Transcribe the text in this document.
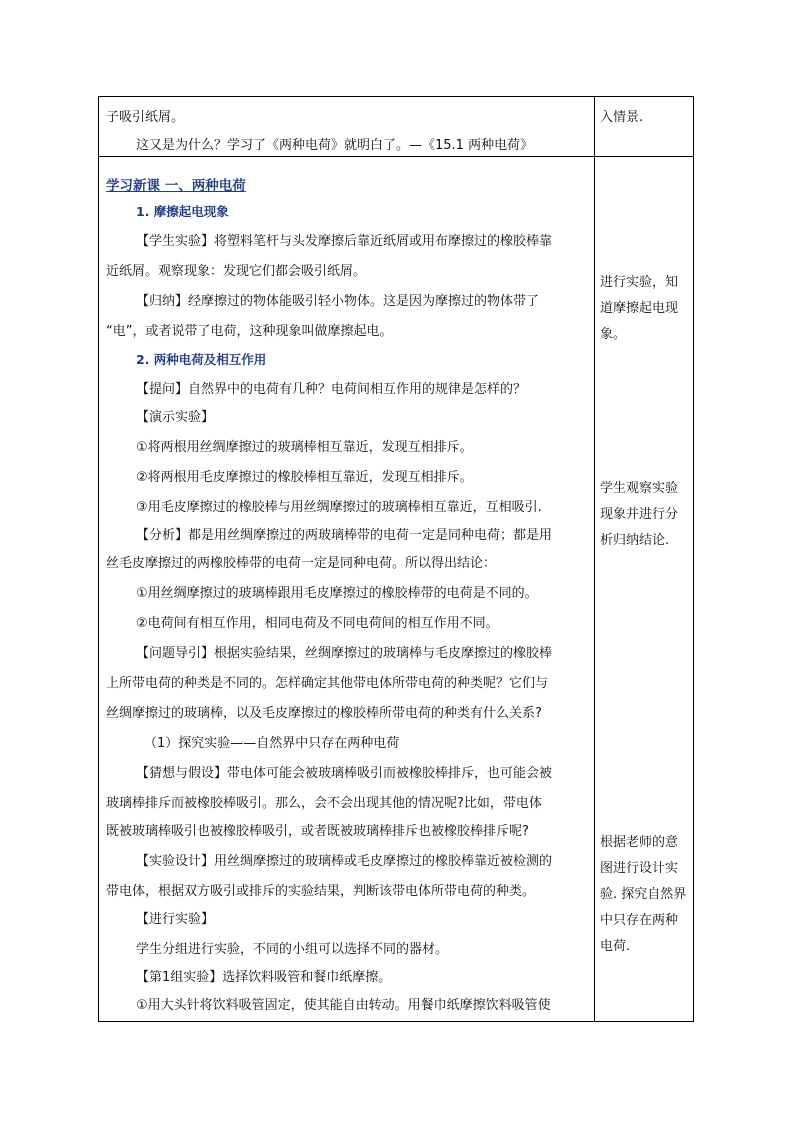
子吸引纸屑。
这又是为什么？学习了《两种电荷》就明白了。—《15.1 两种电荷》
入情景.
学习新课 一、两种电荷
1. 摩擦起电现象
【学生实验】将塑料笔杆与头发摩擦后靠近纸屑或用布摩擦过的橡胶棒靠
近纸屑。观察现象：发现它们都会吸引纸屑。
【归纳】经摩擦过的物体能吸引轻小物体。这是因为摩擦过的物体带了
“电”，或者说带了电荷，这种现象叫做摩擦起电。
2. 两种电荷及相互作用
【提问】自然界中的电荷有几种？电荷间相互作用的规律是怎样的？
【演示实验】
①将两根用丝绸摩擦过的玻璃棒相互靠近，发现互相排斥。
②将两根用毛皮摩擦过的橡胶棒相互靠近，发现互相排斥。
③用毛皮摩擦过的橡胶棒与用丝绸摩擦过的玻璃棒相互靠近，互相吸引.
【分析】都是用丝绸摩擦过的两玻璃棒带的电荷一定是同种电荷；都是用
丝毛皮摩擦过的两橡胶棒带的电荷一定是同种电荷。所以得出结论：
①用丝绸摩擦过的玻璃棒跟用毛皮摩擦过的橡胶棒带的电荷是不同的。
②电荷间有相互作用，相同电荷及不同电荷间的相互作用不同。
【问题导引】根据实验结果，丝绸摩擦过的玻璃棒与毛皮摩擦过的橡胶棒
上所带电荷的种类是不同的。怎样确定其他带电体所带电荷的种类呢？它们与
丝绸摩擦过的玻璃棒，以及毛皮摩擦过的橡胶棒所带电荷的种类有什么关系?
（1）探究实验——自然界中只存在两种电荷
【猜想与假设】带电体可能会被玻璃棒吸引而被橡胶棒排斥，也可能会被
玻璃棒排斥而被橡胶棒吸引。那么，会不会出现其他的情况呢?比如，带电体
既被玻璃棒吸引也被橡胶棒吸引，或者既被玻璃棒排斥也被橡胶棒排斥呢?
【实验设计】用丝绸摩擦过的玻璃棒或毛皮摩擦过的橡胶棒靠近被检测的
带电体，根据双方吸引或排斥的实验结果，判断该带电体所带电荷的种类。
【进行实验】
学生分组进行实验，不同的小组可以选择不同的器材。
【第1组实验】选择饮料吸管和餐巾纸摩擦。
①用大头针将饮料吸管固定，使其能自由转动。用餐巾纸摩擦饮料吸管使
进行实验，知道摩擦起电现象。
学生观察实验现象并进行分析归纳结论.
根据老师的意图进行设计实验. 探究自然界中只存在两种电荷.
